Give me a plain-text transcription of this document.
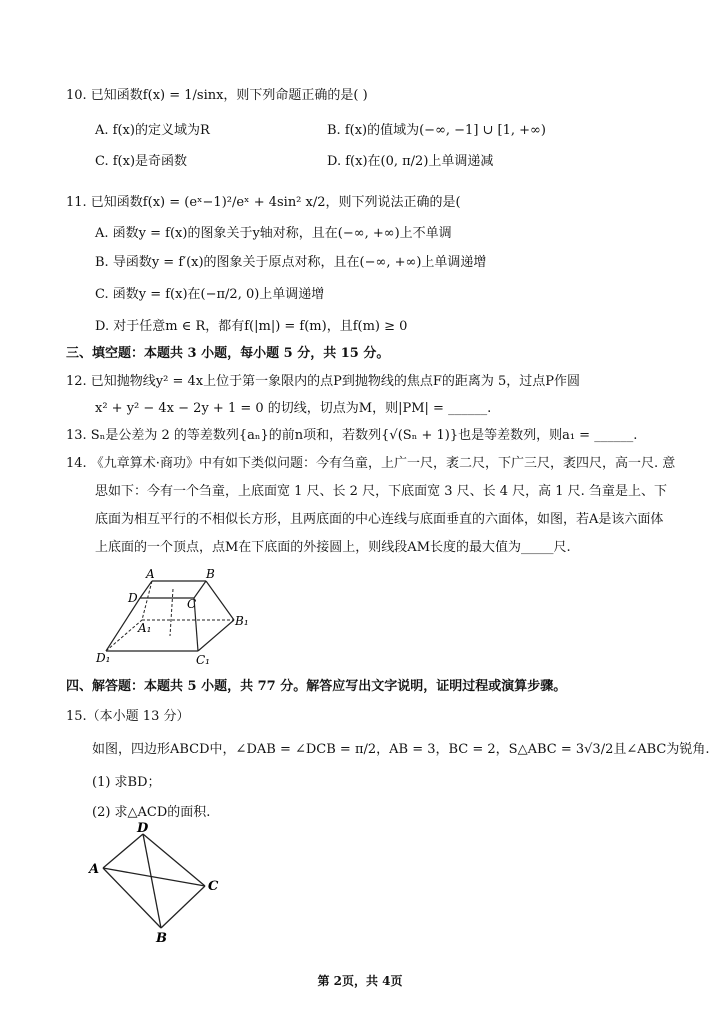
10. 已知函数f(x) = 1/sinx，则下列命题正确的是( )
A. f(x)的定义域为R	B. f(x)的值域为(−∞, −1] ∪ [1, +∞)
C. f(x)是奇函数	D. f(x)在(0, π/2)上单调递减
11. 已知函数f(x) = (eˣ−1)²/eˣ + 4sin² x/2，则下列说法正确的是(
A. 函数y = f(x)的图象关于y轴对称，且在(−∞, +∞)上不单调
B. 导函数y = f′(x)的图象关于原点对称，且在(−∞, +∞)上单调递增
C. 函数y = f(x)在(−π/2, 0)上单调递增
D. 对于任意m ∈ R，都有f(|m|) = f(m)，且f(m) ≥ 0
三、填空题：本题共 3 小题，每小题 5 分，共 15 分。
12. 已知抛物线y² = 4x上位于第一象限内的点P到抛物线的焦点F的距离为 5，过点P作圆
x² + y² − 4x − 2y + 1 = 0 的切线，切点为M，则|PM| = ______.
13. Sₙ是公差为 2 的等差数列{aₙ}的前n项和，若数列{√(Sₙ + 1)}也是等差数列，则a₁ = ______.
14. 《九章算术·商功》中有如下类似问题：今有刍童，上广一尺，袤二尺，下广三尺，袤四尺，高一尺. 意
思如下：今有一个刍童，上底面宽 1 尺、长 2 尺，下底面宽 3 尺、长 4 尺，高 1 尺. 刍童是上、下
底面为相互平行的不相似长方形，且两底面的中心连线与底面垂直的六面体，如图，若A是该六面体
上底面的一个顶点，点M在下底面的外接圆上，则线段AM长度的最大值为_____尺.
A	B
C
D
A₁	B₁
C₁
D₁
四、解答题：本题共 5 小题，共 77 分。解答应写出文字说明，证明过程或演算步骤。
15.（本小题 13 分）
如图，四边形ABCD中，∠DAB = ∠DCB = π/2，AB = 3，BC = 2，S△ABC = 3√3/2且∠ABC为锐角.
(1) 求BD；
(2) 求△ACD的面积.
D
A
C
B
第 2页，共 4页
